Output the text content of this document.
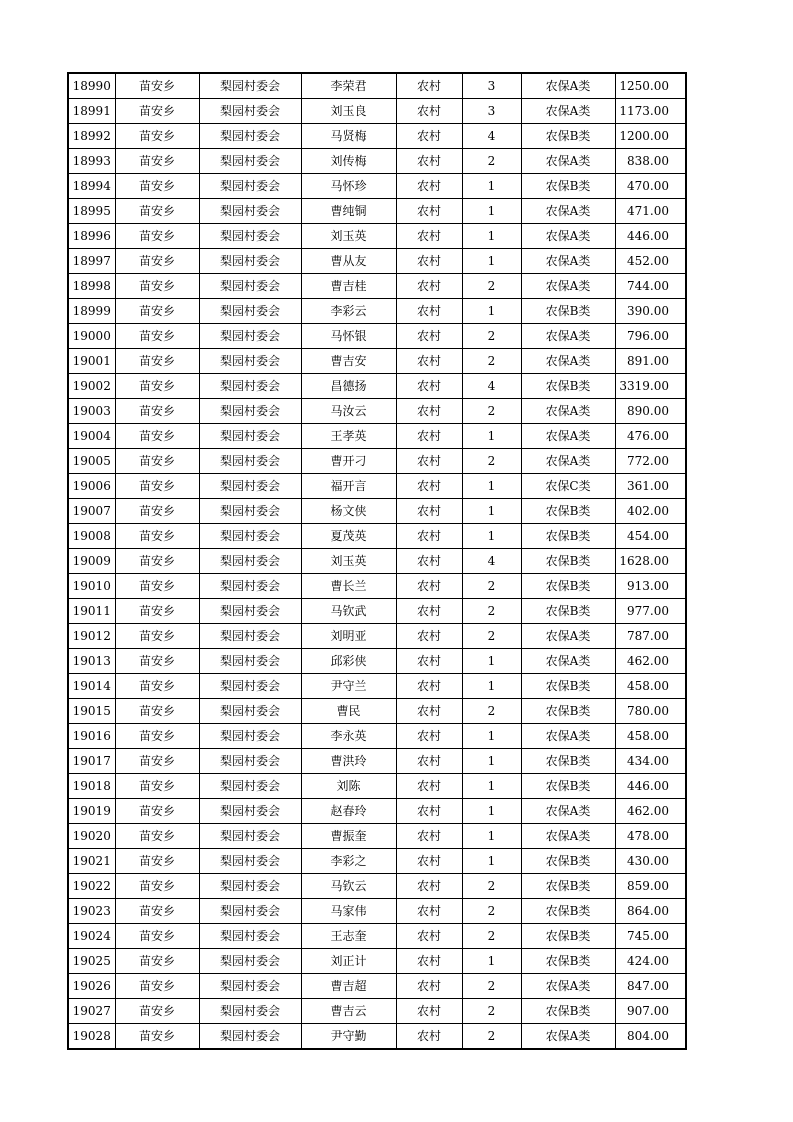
18990	苗安乡	梨园村委会	李荣君	农村	3	农保A类	1250.00
18991	苗安乡	梨园村委会	刘玉良	农村	3	农保A类	1173.00
18992	苗安乡	梨园村委会	马贤梅	农村	4	农保B类	1200.00
18993	苗安乡	梨园村委会	刘传梅	农村	2	农保A类	838.00
18994	苗安乡	梨园村委会	马怀珍	农村	1	农保B类	470.00
18995	苗安乡	梨园村委会	曹纯铜	农村	1	农保A类	471.00
18996	苗安乡	梨园村委会	刘玉英	农村	1	农保A类	446.00
18997	苗安乡	梨园村委会	曹从友	农村	1	农保A类	452.00
18998	苗安乡	梨园村委会	曹吉桂	农村	2	农保A类	744.00
18999	苗安乡	梨园村委会	李彩云	农村	1	农保B类	390.00
19000	苗安乡	梨园村委会	马怀银	农村	2	农保A类	796.00
19001	苗安乡	梨园村委会	曹吉安	农村	2	农保A类	891.00
19002	苗安乡	梨园村委会	昌德扬	农村	4	农保B类	3319.00
19003	苗安乡	梨园村委会	马汝云	农村	2	农保A类	890.00
19004	苗安乡	梨园村委会	王孝英	农村	1	农保A类	476.00
19005	苗安乡	梨园村委会	曹开刁	农村	2	农保A类	772.00
19006	苗安乡	梨园村委会	福开言	农村	1	农保C类	361.00
19007	苗安乡	梨园村委会	杨文侠	农村	1	农保B类	402.00
19008	苗安乡	梨园村委会	夏茂英	农村	1	农保B类	454.00
19009	苗安乡	梨园村委会	刘玉英	农村	4	农保B类	1628.00
19010	苗安乡	梨园村委会	曹长兰	农村	2	农保B类	913.00
19011	苗安乡	梨园村委会	马钦武	农村	2	农保B类	977.00
19012	苗安乡	梨园村委会	刘明亚	农村	2	农保A类	787.00
19013	苗安乡	梨园村委会	邱彩侠	农村	1	农保A类	462.00
19014	苗安乡	梨园村委会	尹守兰	农村	1	农保B类	458.00
19015	苗安乡	梨园村委会	曹民	农村	2	农保B类	780.00
19016	苗安乡	梨园村委会	李永英	农村	1	农保A类	458.00
19017	苗安乡	梨园村委会	曹洪玲	农村	1	农保B类	434.00
19018	苗安乡	梨园村委会	刘陈	农村	1	农保B类	446.00
19019	苗安乡	梨园村委会	赵春玲	农村	1	农保A类	462.00
19020	苗安乡	梨园村委会	曹振奎	农村	1	农保A类	478.00
19021	苗安乡	梨园村委会	李彩之	农村	1	农保B类	430.00
19022	苗安乡	梨园村委会	马钦云	农村	2	农保B类	859.00
19023	苗安乡	梨园村委会	马家伟	农村	2	农保B类	864.00
19024	苗安乡	梨园村委会	王志奎	农村	2	农保B类	745.00
19025	苗安乡	梨园村委会	刘正计	农村	1	农保B类	424.00
19026	苗安乡	梨园村委会	曹吉超	农村	2	农保A类	847.00
19027	苗安乡	梨园村委会	曹吉云	农村	2	农保B类	907.00
19028	苗安乡	梨园村委会	尹守勤	农村	2	农保A类	804.00
